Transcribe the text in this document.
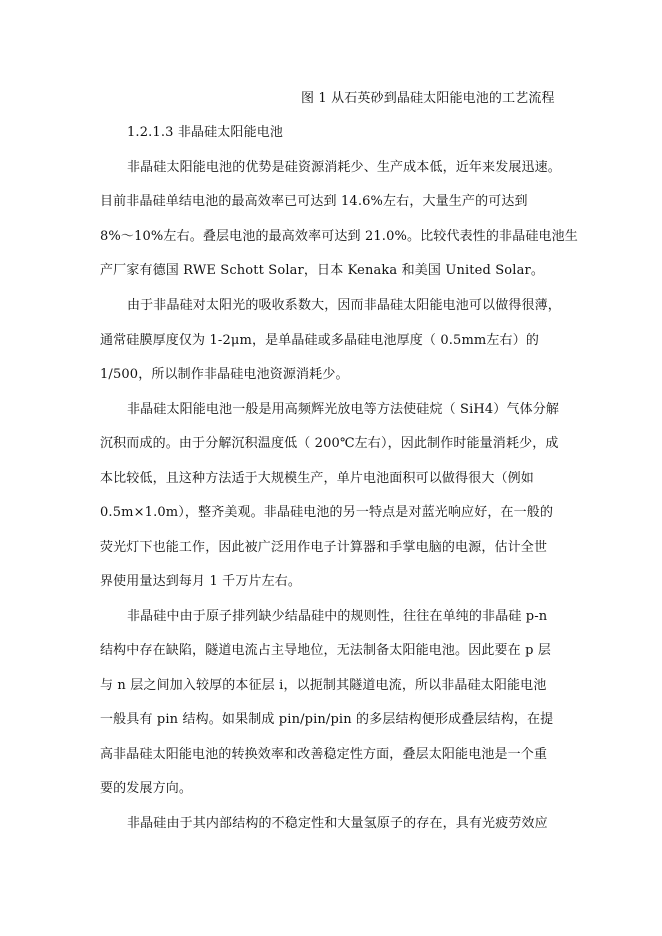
图 1 从石英砂到晶硅太阳能电池的工艺流程
1.2.1.3 非晶硅太阳能电池
非晶硅太阳能电池的优势是硅资源消耗少、生产成本低，近年来发展迅速。
目前非晶硅单结电池的最高效率已可达到 14.6%左右，大量生产的可达到
8%～10%左右。叠层电池的最高效率可达到 21.0%。比较代表性的非晶硅电池生
产厂家有德国 RWE Schott Solar，日本 Kenaka 和美国 United Solar。
由于非晶硅对太阳光的吸收系数大，因而非晶硅太阳能电池可以做得很薄，
通常硅膜厚度仅为 1-2μm，是单晶硅或多晶硅电池厚度（ 0.5mm左右）的
1/500，所以制作非晶硅电池资源消耗少。
非晶硅太阳能电池一般是用高频辉光放电等方法使硅烷（ SiH4）气体分解
沉积而成的。由于分解沉积温度低（ 200℃左右），因此制作时能量消耗少，成
本比较低，且这种方法适于大规模生产，单片电池面积可以做得很大（例如
0.5m×1.0m），整齐美观。非晶硅电池的另一特点是对蓝光响应好，在一般的
荧光灯下也能工作，因此被广泛用作电子计算器和手掌电脑的电源，估计全世
界使用量达到每月 1 千万片左右。
非晶硅中由于原子排列缺少结晶硅中的规则性，往往在单纯的非晶硅 p-n
结构中存在缺陷，隧道电流占主导地位，无法制备太阳能电池。因此要在 p 层
与 n 层之间加入较厚的本征层 i，以扼制其隧道电流，所以非晶硅太阳能电池
一般具有 pin 结构。如果制成 pin/pin/pin 的多层结构便形成叠层结构，在提
高非晶硅太阳能电池的转换效率和改善稳定性方面，叠层太阳能电池是一个重
要的发展方向。
非晶硅由于其内部结构的不稳定性和大量氢原子的存在，具有光疲劳效应
